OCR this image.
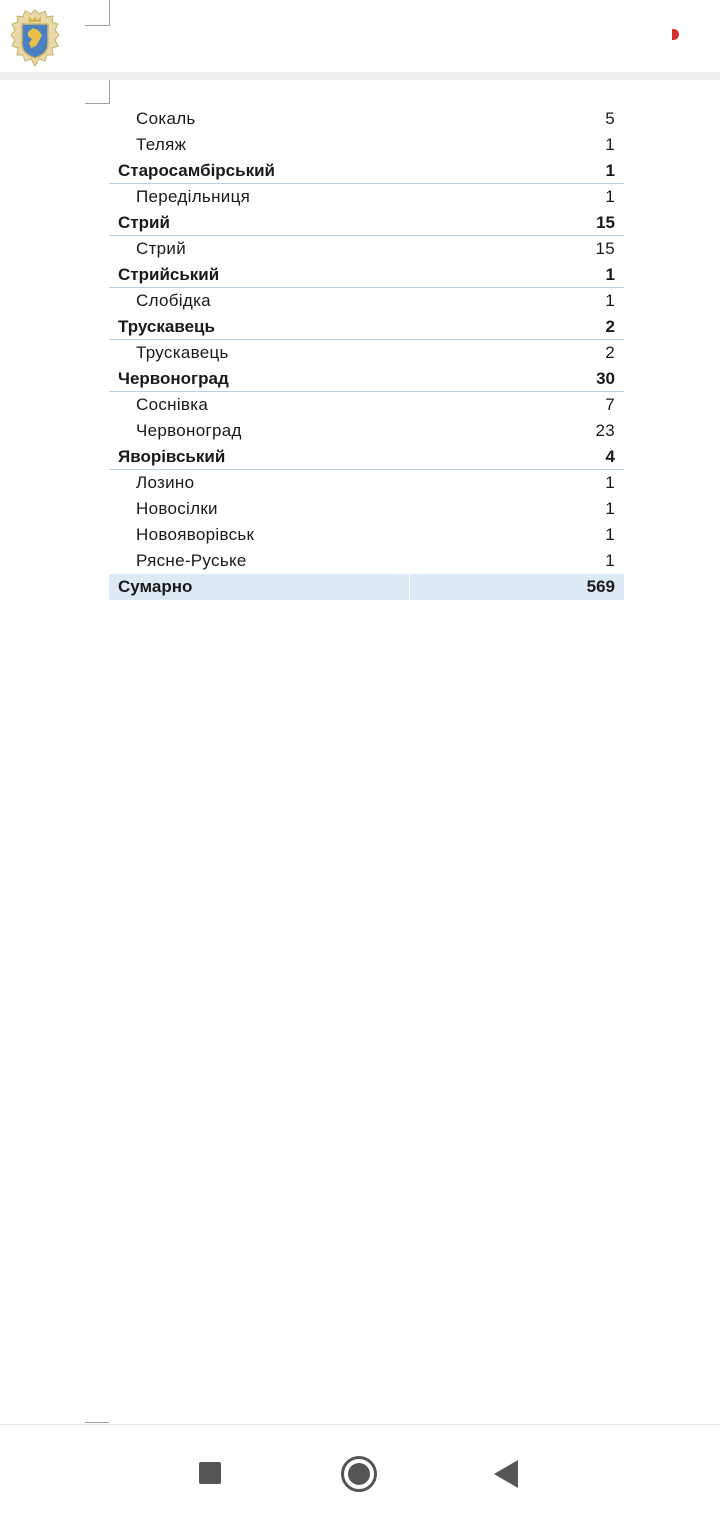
Сокаль	5
Теляж	1
Старосамбірський	1
Передільниця	1
Стрий	15
Стрий	15
Стрийський	1
Слобідка	1
Трускавець	2
Трускавець	2
Червоноград	30
Соснівка	7
Червоноград	23
Яворівський	4
Лозино	1
Новосілки	1
Новояворівськ	1
Рясне-Руське	1
Сумарно	569
